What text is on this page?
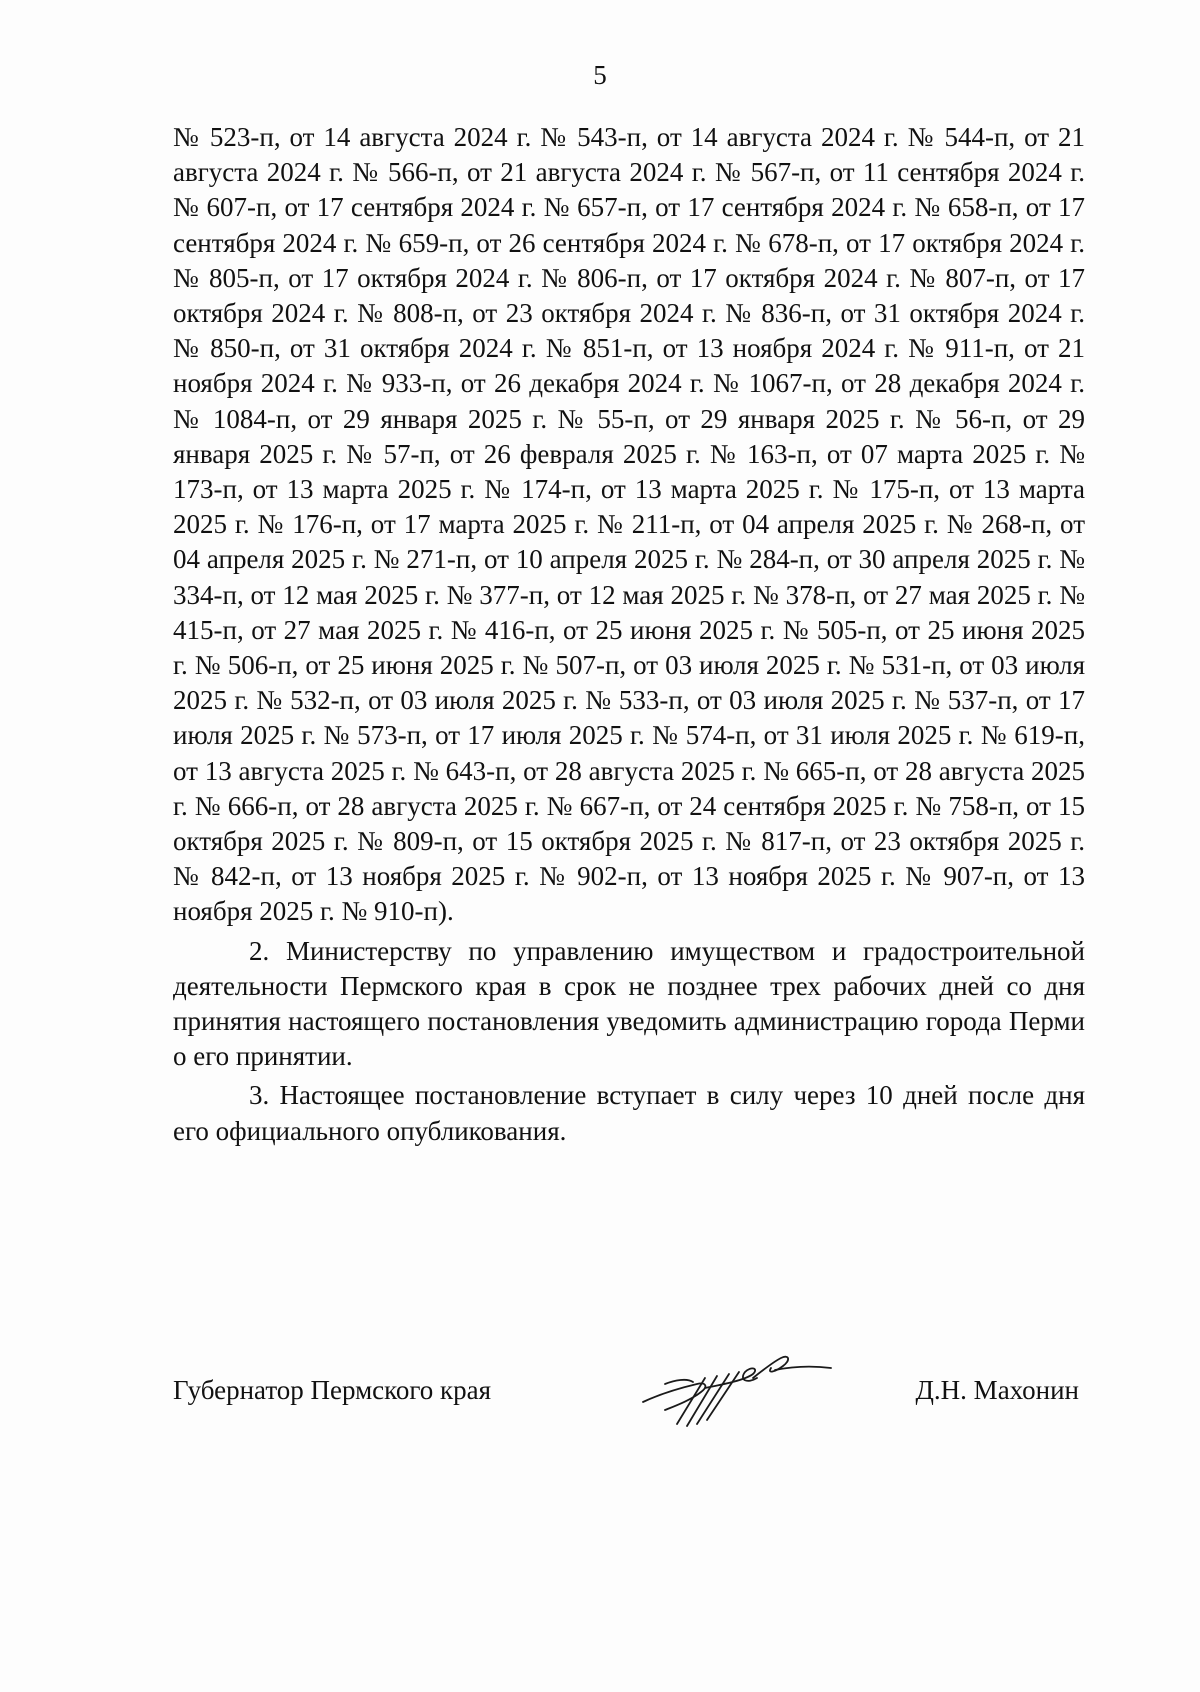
5

№ 523-п, от 14 августа 2024 г. № 543-п, от 14 августа 2024 г. № 544-п, от 21 августа 2024 г. № 566-п, от 21 августа 2024 г. № 567-п, от 11 сентября 2024 г. № 607-п, от 17 сентября 2024 г. № 657-п, от 17 сентября 2024 г. № 658-п, от 17 сентября 2024 г. № 659-п, от 26 сентября 2024 г. № 678-п, от 17 октября 2024 г. № 805-п, от 17 октября 2024 г. № 806-п, от 17 октября 2024 г. № 807-п, от 17 октября 2024 г. № 808-п, от 23 октября 2024 г. № 836-п, от 31 октября 2024 г. № 850-п, от 31 октября 2024 г. № 851-п, от 13 ноября 2024 г. № 911-п, от 21 ноября 2024 г. № 933-п, от 26 декабря 2024 г. № 1067-п, от 28 декабря 2024 г. № 1084-п, от 29 января 2025 г. № 55-п, от 29 января 2025 г. № 56-п, от 29 января 2025 г. № 57-п, от 26 февраля 2025 г. № 163-п, от 07 марта 2025 г. № 173-п, от 13 марта 2025 г. № 174-п, от 13 марта 2025 г. № 175-п, от 13 марта 2025 г. № 176-п, от 17 марта 2025 г. № 211-п, от 04 апреля 2025 г. № 268-п, от 04 апреля 2025 г. № 271-п, от 10 апреля 2025 г. № 284-п, от 30 апреля 2025 г. № 334-п, от 12 мая 2025 г. № 377-п, от 12 мая 2025 г. № 378-п, от 27 мая 2025 г. № 415-п, от 27 мая 2025 г. № 416-п, от 25 июня 2025 г. № 505-п, от 25 июня 2025 г. № 506-п, от 25 июня 2025 г. № 507-п, от 03 июля 2025 г. № 531-п, от 03 июля 2025 г. № 532-п, от 03 июля 2025 г. № 533-п, от 03 июля 2025 г. № 537-п, от 17 июля 2025 г. № 573-п, от 17 июля 2025 г. № 574-п, от 31 июля 2025 г. № 619-п, от 13 августа 2025 г. № 643-п, от 28 августа 2025 г. № 665-п, от 28 августа 2025 г. № 666-п, от 28 августа 2025 г. № 667-п, от 24 сентября 2025 г. № 758-п, от 15 октября 2025 г. № 809-п, от 15 октября 2025 г. № 817-п, от 23 октября 2025 г. № 842-п, от 13 ноября 2025 г. № 902-п, от 13 ноября 2025 г. № 907-п, от 13 ноября 2025 г. № 910-п).

2. Министерству по управлению имуществом и градостроительной деятельности Пермского края в срок не позднее трех рабочих дней со дня принятия настоящего постановления уведомить администрацию города Перми о его принятии.

3. Настоящее постановление вступает в силу через 10 дней после дня его официального опубликования.

Губернатор Пермского края	Д.Н. Махонин
